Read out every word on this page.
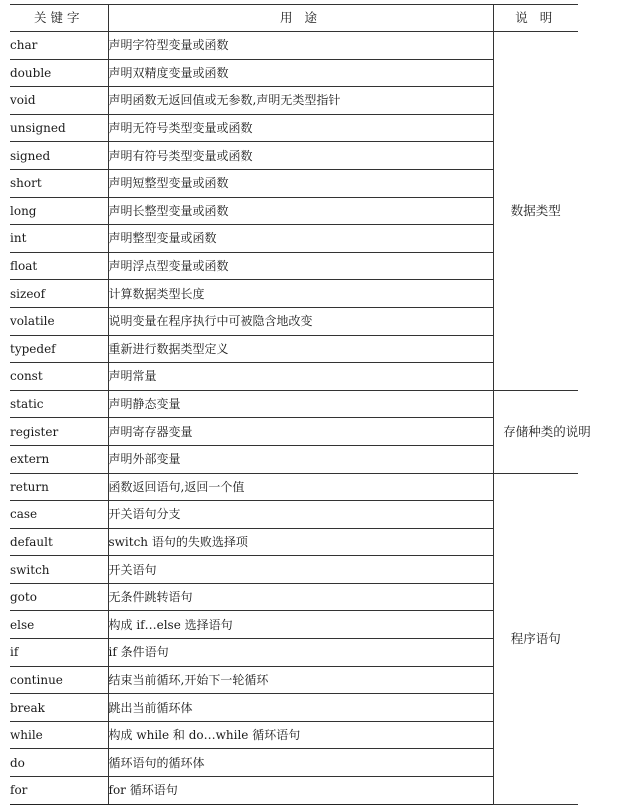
关键字	用 途	说 明
char	声明字符型变量或函数	数据类型
double	声明双精度变量或函数	
void	声明函数无返回值或无参数,声明无类型指针	
unsigned	声明无符号类型变量或函数	
signed	声明有符号类型变量或函数	
short	声明短整型变量或函数	
long	声明长整型变量或函数	
int	声明整型变量或函数	
float	声明浮点型变量或函数	
sizeof	计算数据类型长度	
volatile	说明变量在程序执行中可被隐含地改变	
typedef	重新进行数据类型定义	
const	声明常量	
static	声明静态变量	存储种类的说明
register	声明寄存器变量	
extern	声明外部变量	
return	函数返回语句,返回一个值	程序语句
case	开关语句分支	
default	switch 语句的失败选择项	
switch	开关语句	
goto	无条件跳转语句	
else	构成 if…else 选择语句	
if	if 条件语句	
continue	结束当前循环,开始下一轮循环	
break	跳出当前循环体	
while	构成 while 和 do…while 循环语句	
do	循环语句的循环体	
for	for 循环语句	
